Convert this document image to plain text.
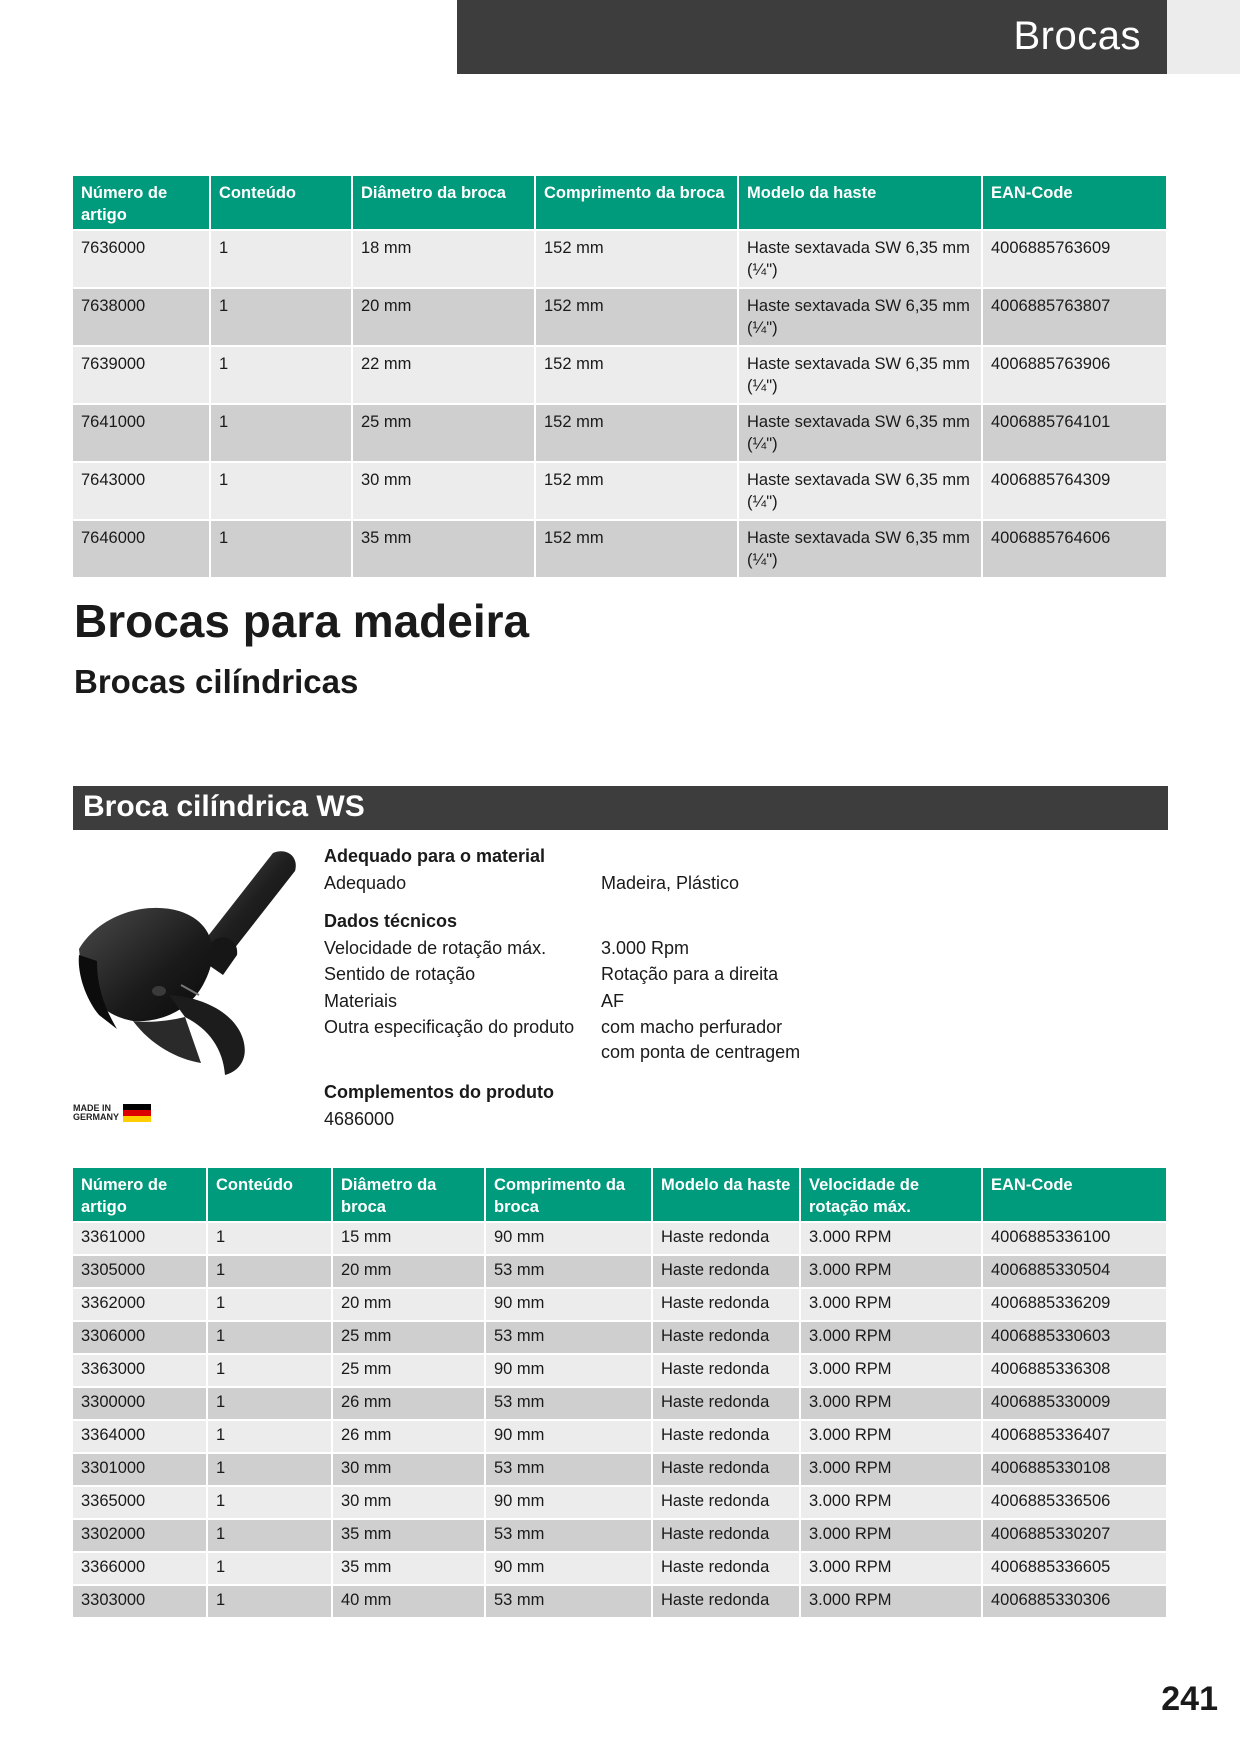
Brocas
Número de artigo	Conteúdo	Diâmetro da broca	Comprimento da broca	Modelo da haste	EAN-Code
7636000	1	18 mm	152 mm	Haste sextavada SW 6,35 mm (¼")	4006885763609
7638000	1	20 mm	152 mm	Haste sextavada SW 6,35 mm (¼")	4006885763807
7639000	1	22 mm	152 mm	Haste sextavada SW 6,35 mm (¼")	4006885763906
7641000	1	25 mm	152 mm	Haste sextavada SW 6,35 mm (¼")	4006885764101
7643000	1	30 mm	152 mm	Haste sextavada SW 6,35 mm (¼")	4006885764309
7646000	1	35 mm	152 mm	Haste sextavada SW 6,35 mm (¼")	4006885764606
Brocas para madeira
Brocas cilíndricas
Broca cilíndrica WS
MADE IN
GERMANY
Adequado para o material
Adequado	Madeira, Plástico
Dados técnicos
Velocidade de rotação máx.	3.000 Rpm
Sentido de rotação	Rotação para a direita
Materiais	AF
Outra especificação do produto com macho perfurador
com ponta de centragem
Complementos do produto
4686000
Número de artigo	Conteúdo	Diâmetro da broca	Comprimento da broca	Modelo da haste	Velocidade de rotação máx.	EAN-Code
3361000	1	15 mm	90 mm	Haste redonda	3.000 RPM	4006885336100
3305000	1	20 mm	53 mm	Haste redonda	3.000 RPM	4006885330504
3362000	1	20 mm	90 mm	Haste redonda	3.000 RPM	4006885336209
3306000	1	25 mm	53 mm	Haste redonda	3.000 RPM	4006885330603
3363000	1	25 mm	90 mm	Haste redonda	3.000 RPM	4006885336308
3300000	1	26 mm	53 mm	Haste redonda	3.000 RPM	4006885330009
3364000	1	26 mm	90 mm	Haste redonda	3.000 RPM	4006885336407
3301000	1	30 mm	53 mm	Haste redonda	3.000 RPM	4006885330108
3365000	1	30 mm	90 mm	Haste redonda	3.000 RPM	4006885336506
3302000	1	35 mm	53 mm	Haste redonda	3.000 RPM	4006885330207
3366000	1	35 mm	90 mm	Haste redonda	3.000 RPM	4006885336605
3303000	1	40 mm	53 mm	Haste redonda	3.000 RPM	4006885330306
241
